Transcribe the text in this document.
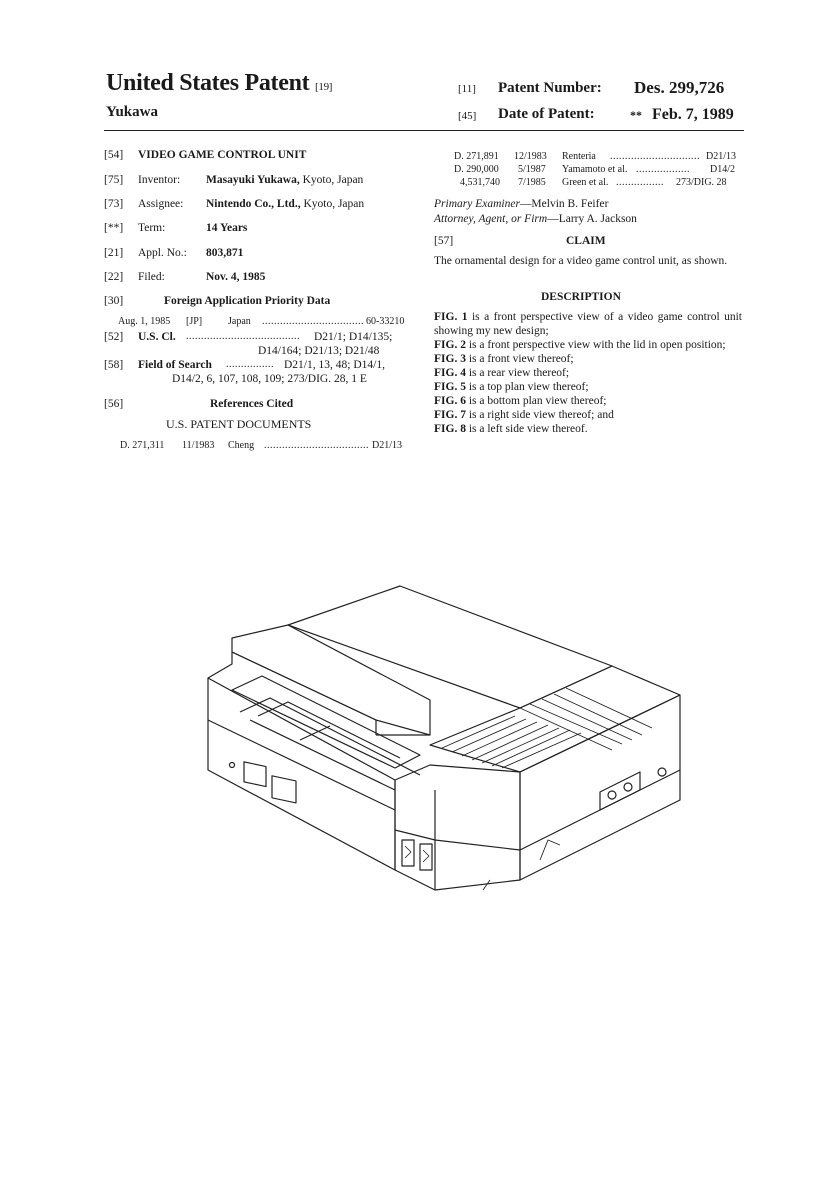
United States Patent [19]
Yukawa
[11] Patent Number: Des. 299,726
[45] Date of Patent:	** Feb. 7, 1989
[54] VIDEO GAME CONTROL UNIT
[75] Inventor: Masayuki Yukawa, Kyoto, Japan
[73] Assignee: Nintendo Co., Ltd., Kyoto, Japan
[**] Term:	14 Years
[21] Appl. No.: 803,871
[22] Filed:	Nov. 4, 1985
[30]	Foreign Application Priority Data
Aug. 1, 1985 [JP]	Japan .................................. 60-33210
[52] U.S. Cl. ...................................... D21/1; D14/135;
D14/164; D21/13; D21/48
[58] Field of Search ................ D21/1, 13, 48; D14/1,
D14/2, 6, 107, 108, 109; 273/DIG. 28, 1 E
[56]	References Cited
U.S. PATENT DOCUMENTS
D. 271,311 11/1983 Cheng ................................... D21/13
D. 271,891 12/1983 Renteria .............................. D21/13
D. 290,000 5/1987 Yamamoto et al. .................. D14/2
4,531,740 7/1985 Green et al. ................ 273/DIG. 28
Primary Examiner—Melvin B. Feifer
Attorney, Agent, or Firm—Larry A. Jackson
[57]	CLAIM
The ornamental design for a video game control unit, as shown.
DESCRIPTION
FIG. 1 is a front perspective view of a video game control unit showing my new design;
FIG. 2 is a front perspective view with the lid in open position;
FIG. 3 is a front view thereof;
FIG. 4 is a rear view thereof;
FIG. 5 is a top plan view thereof;
FIG. 6 is a bottom plan view thereof;
FIG. 7 is a right side view thereof; and
FIG. 8 is a left side view thereof.
